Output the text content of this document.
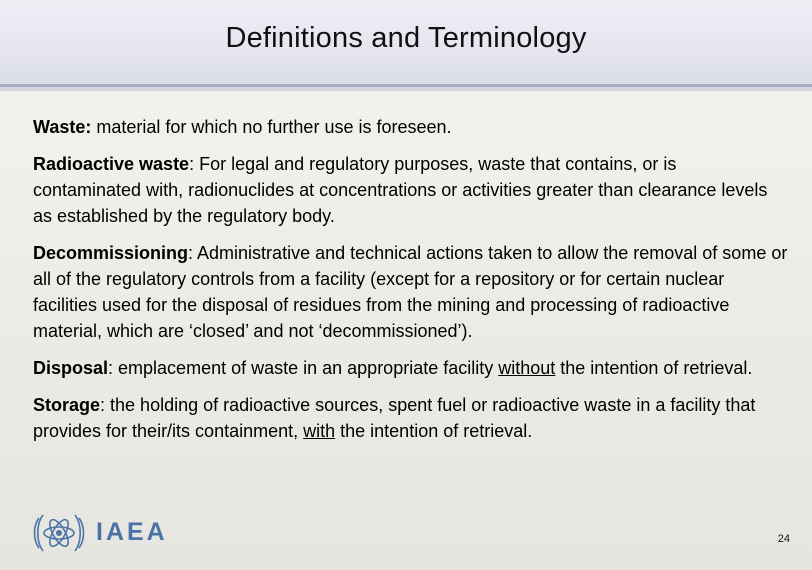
Definitions and Terminology

Waste: material for which no further use is foreseen.

Radioactive waste: For legal and regulatory purposes, waste that contains, or is contaminated with, radionuclides at concentrations or activities greater than clearance levels as established by the regulatory body.

Decommissioning: Administrative and technical actions taken to allow the removal of some or all of the regulatory controls from a facility (except for a repository or for certain nuclear facilities used for the disposal of residues from the mining and processing of radioactive material, which are ‘closed’ and not ‘decommissioned’).

Disposal: emplacement of waste in an appropriate facility without the intention of retrieval.

Storage: the holding of radioactive sources, spent fuel or radioactive waste in a facility that provides for their/its containment, with the intention of retrieval.

IAEA	24
